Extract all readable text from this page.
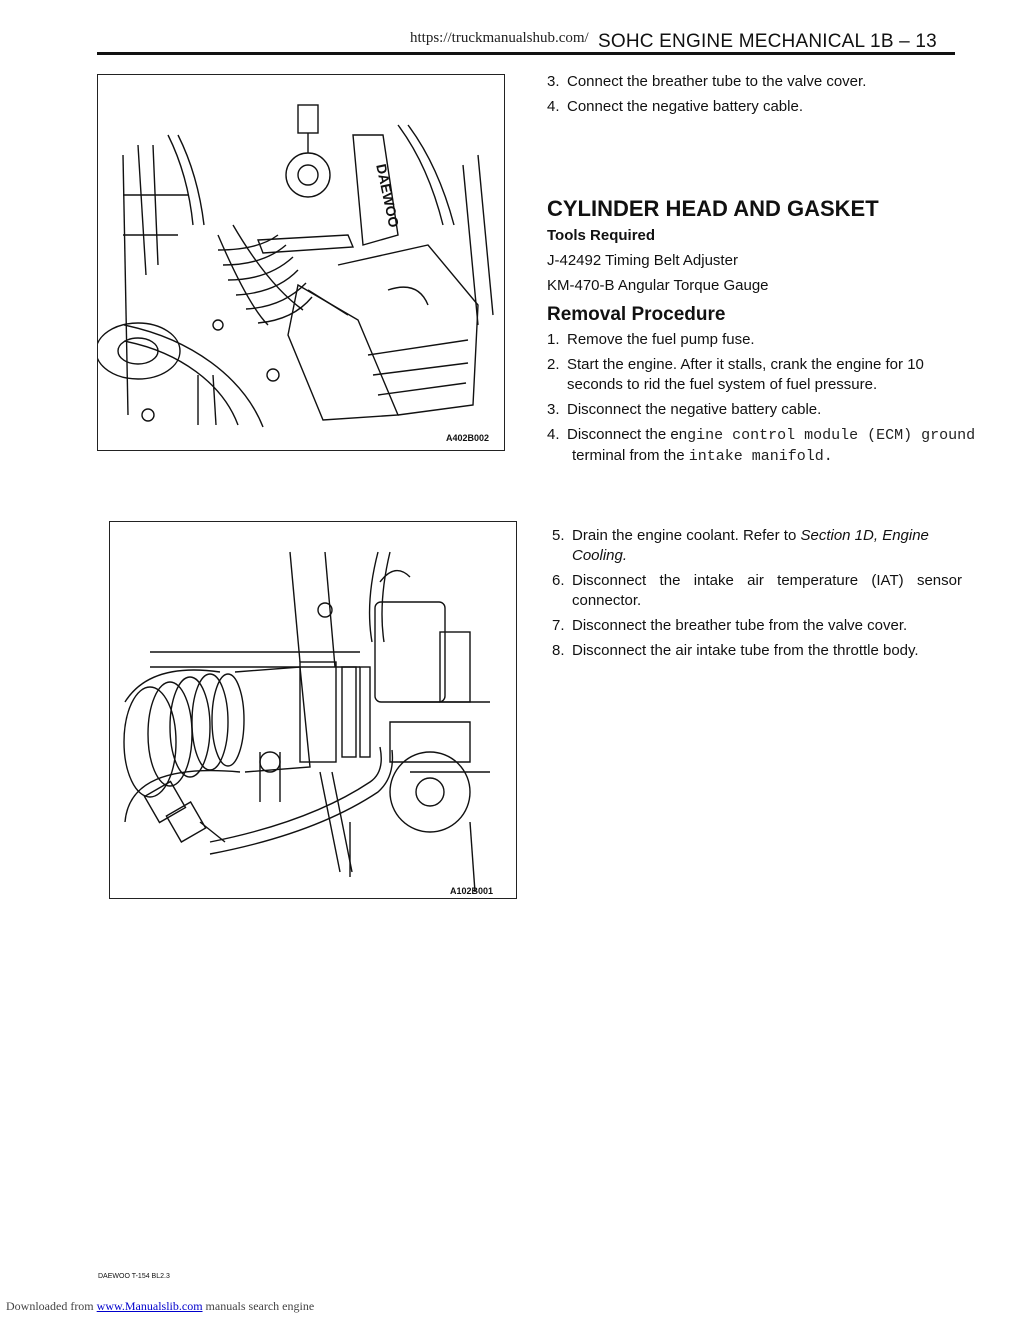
https://truckmanualshub.com/ SOHC ENGINE MECHANICAL 1B – 13
DAEWOO
A402B002
A102B001
3. Connect the breather tube to the valve cover.
4. Connect the negative battery cable.
CYLINDER HEAD AND GASKET
Tools Required
J-42492 Timing Belt Adjuster
KM-470-B Angular Torque Gauge
Removal Procedure
1. Remove the fuel pump fuse.
2. Start the engine. After it stalls, crank the engine for 10
seconds to rid the fuel system of fuel pressure.
3. Disconnect the negative battery cable.
4. Disconnect the engine control module (ECM) ground
terminal from the intake manifold.
5. Drain the engine coolant. Refer to Section 1D, Engine
Cooling.
6. Disconnect the intake air temperature (IAT) sensor
connector.
7. Disconnect the breather tube from the valve cover.
8. Disconnect the air intake tube from the throttle body.
DAEWOO T-154 BL2.3
Downloaded from www.Manualslib.com manuals search engine
